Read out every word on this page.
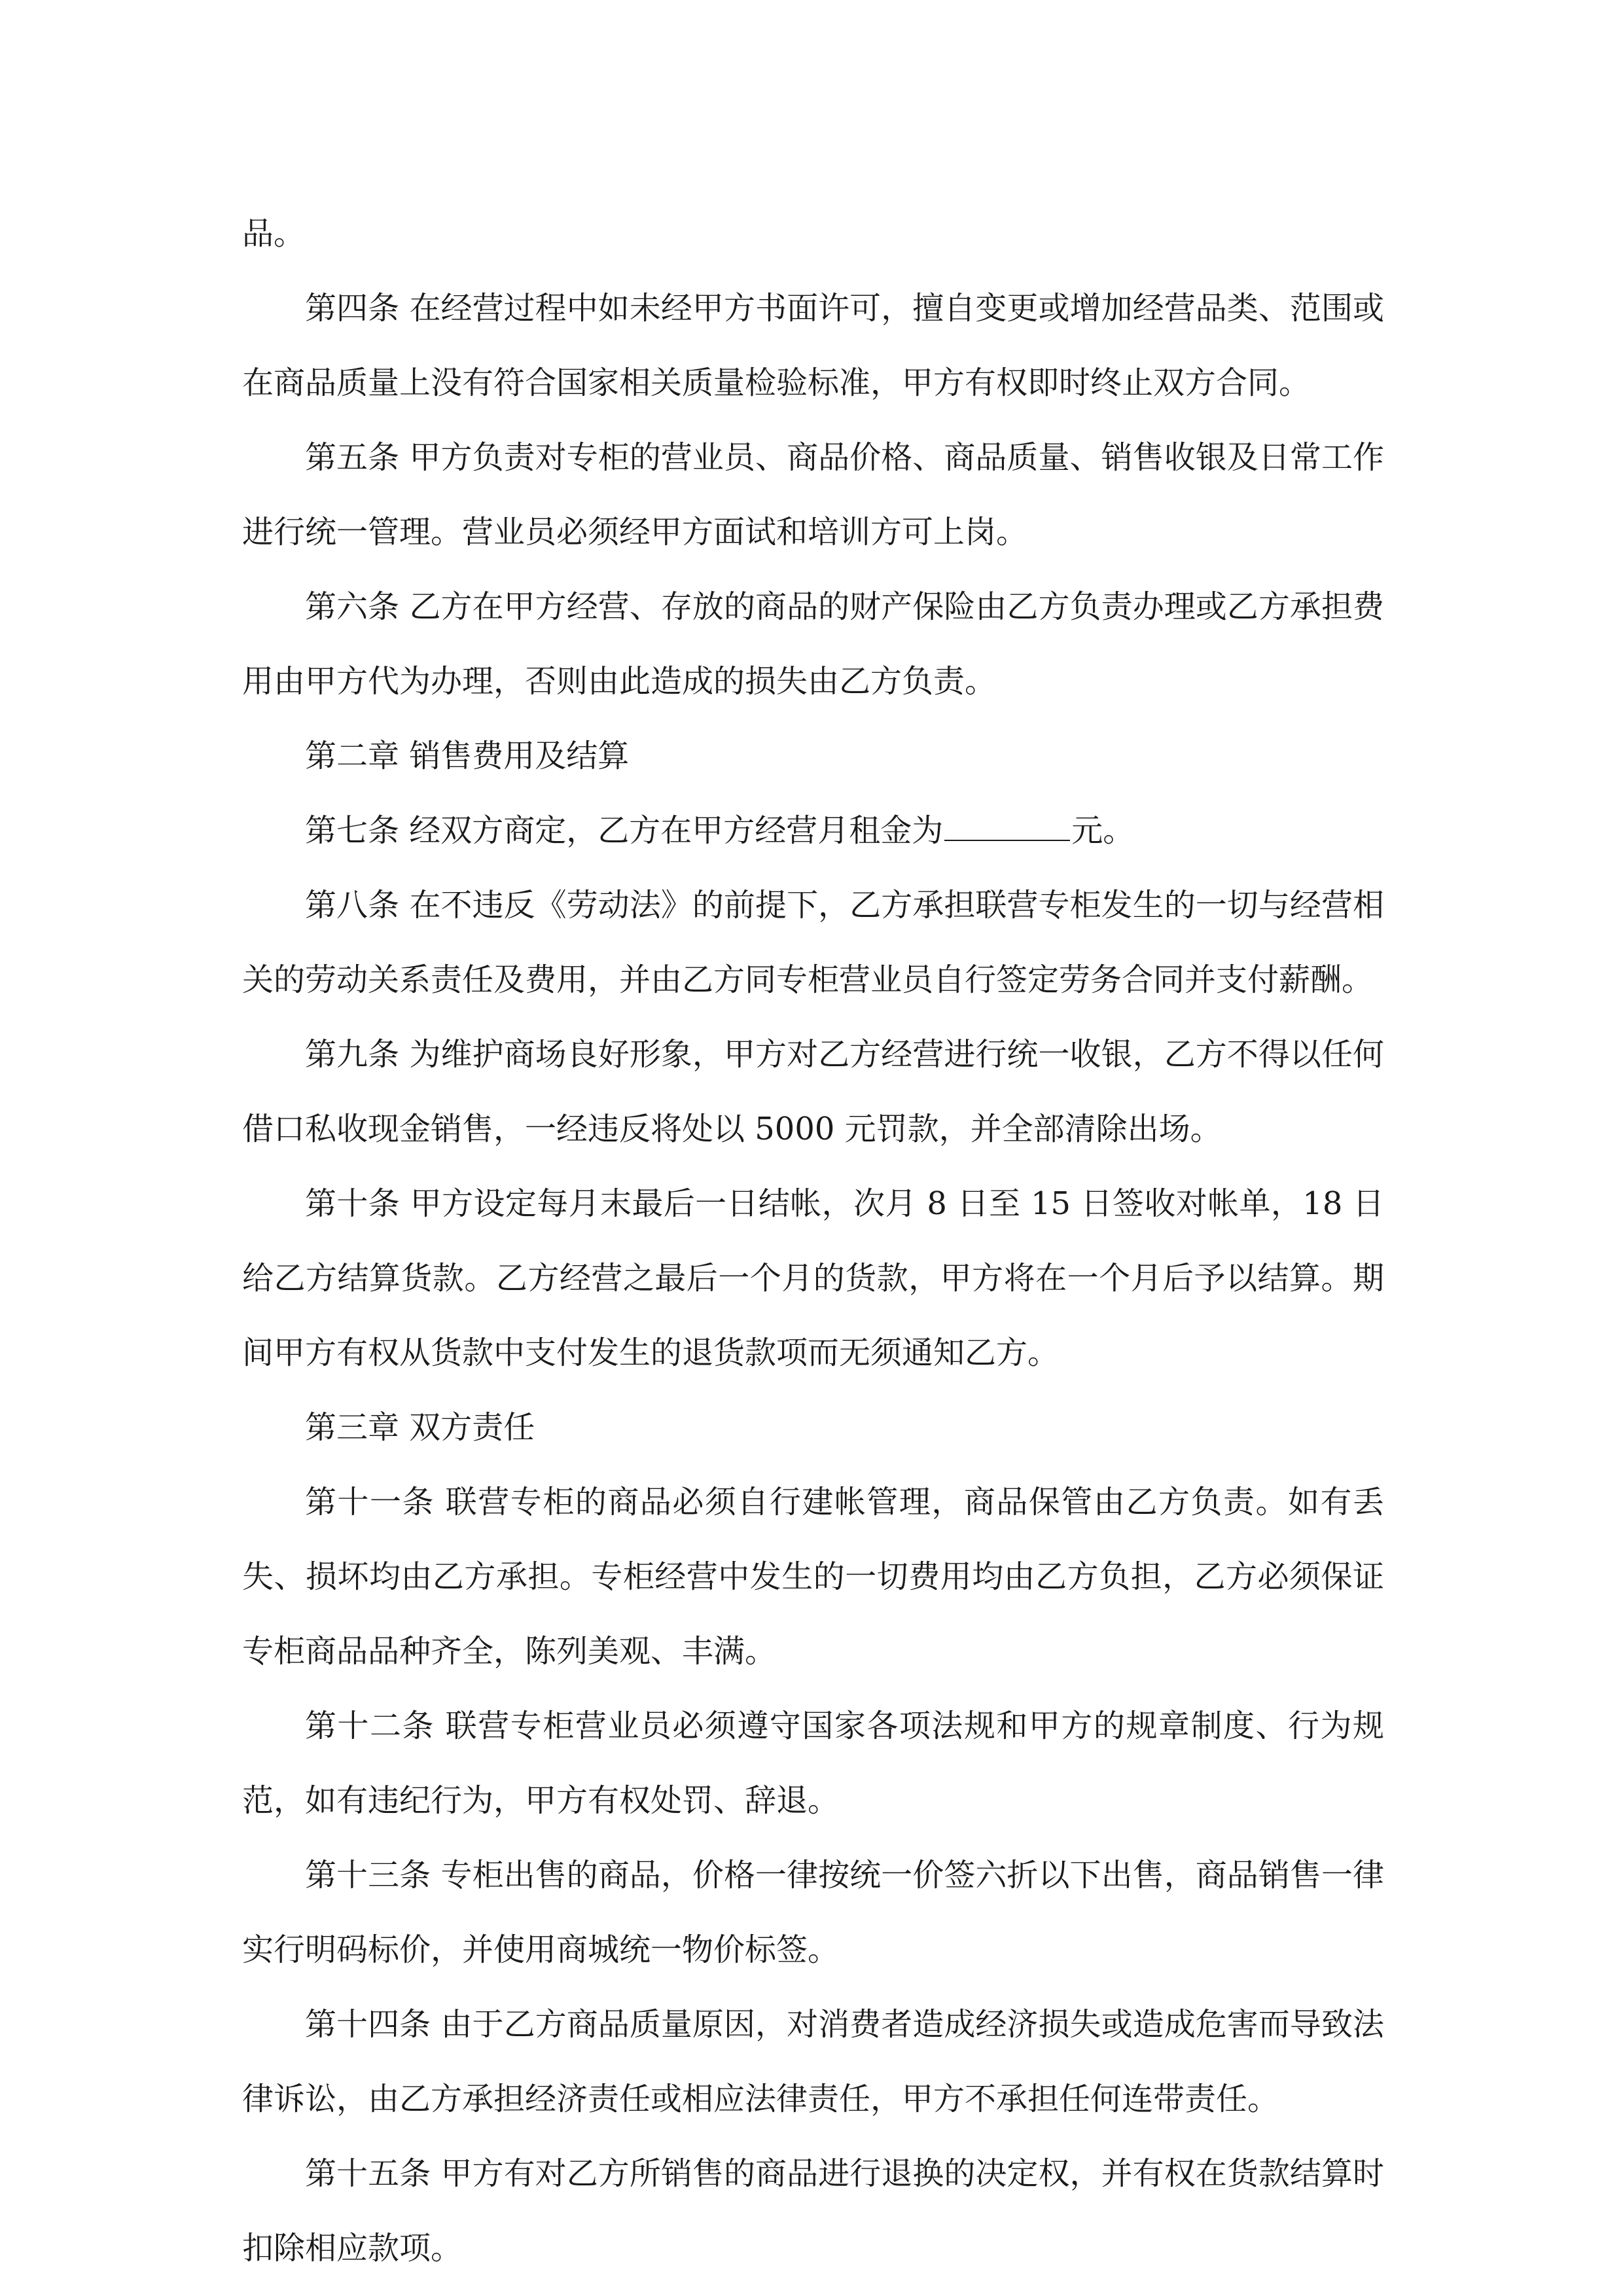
品。

第四条 在经营过程中如未经甲方书面许可，擅自变更或增加经营品类、范围或在商品质量上没有符合国家相关质量检验标准，甲方有权即时终止双方合同。

第五条 甲方负责对专柜的营业员、商品价格、商品质量、销售收银及日常工作进行统一管理。营业员必须经甲方面试和培训方可上岗。

第六条 乙方在甲方经营、存放的商品的财产保险由乙方负责办理或乙方承担费用由甲方代为办理，否则由此造成的损失由乙方负责。

第二章 销售费用及结算

第七条 经双方商定，乙方在甲方经营月租金为	元。

第八条 在不违反《劳动法》的前提下，乙方承担联营专柜发生的一切与经营相关的劳动关系责任及费用，并由乙方同专柜营业员自行签定劳务合同并支付薪酬。

第九条 为维护商场良好形象，甲方对乙方经营进行统一收银，乙方不得以任何借口私收现金销售，一经违反将处以 5000 元罚款，并全部清除出场。

第十条 甲方设定每月末最后一日结帐，次月 8 日至 15 日签收对帐单，18 日给乙方结算货款。乙方经营之最后一个月的货款，甲方将在一个月后予以结算。期间甲方有权从货款中支付发生的退货款项而无须通知乙方。

第三章 双方责任

第十一条 联营专柜的商品必须自行建帐管理，商品保管由乙方负责。如有丢失、损坏均由乙方承担。专柜经营中发生的一切费用均由乙方负担，乙方必须保证专柜商品品种齐全，陈列美观、丰满。

第十二条 联营专柜营业员必须遵守国家各项法规和甲方的规章制度、行为规范，如有违纪行为，甲方有权处罚、辞退。

第十三条 专柜出售的商品，价格一律按统一价签六折以下出售，商品销售一律实行明码标价，并使用商城统一物价标签。

第十四条 由于乙方商品质量原因，对消费者造成经济损失或造成危害而导致法律诉讼，由乙方承担经济责任或相应法律责任，甲方不承担任何连带责任。

第十五条 甲方有对乙方所销售的商品进行退换的决定权，并有权在货款结算时扣除相应款项。
